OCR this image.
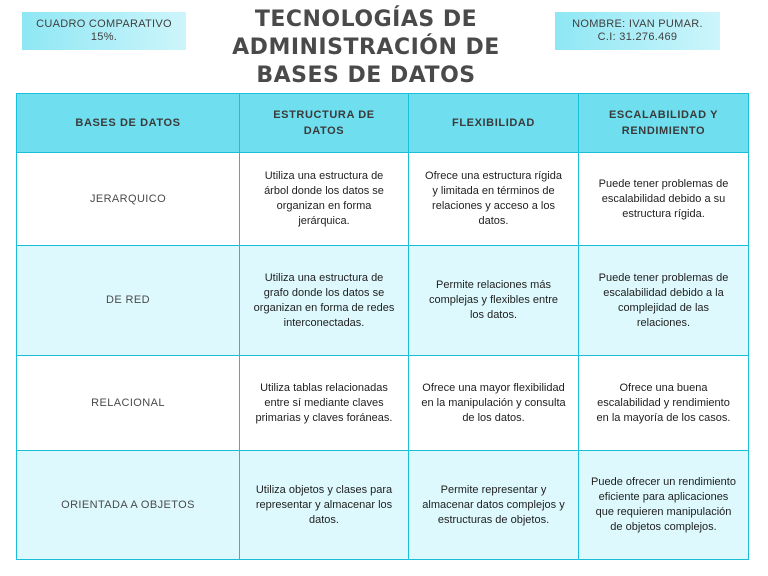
CUADRO COMPARATIVO
15%.
TECNOLOGÍAS DE
ADMINISTRACIÓN DE
BASES DE DATOS
NOMBRE: IVAN PUMAR.
C.I: 31.276.469
BASES DE DATOS	ESTRUCTURA DE DATOS	FLEXIBILIDAD	ESCALABILIDAD Y RENDIMIENTO
JERARQUICO	Utiliza una estructura de árbol donde los datos se organizan en forma jerárquica.	Ofrece una estructura rígida y limitada en términos de relaciones y acceso a los datos.	Puede tener problemas de escalabilidad debido a su estructura rígida.
DE RED	Utiliza una estructura de grafo donde los datos se organizan en forma de redes interconectadas.	Permite relaciones más complejas y flexibles entre los datos.	Puede tener problemas de escalabilidad debido a la complejidad de las relaciones.
RELACIONAL	Utiliza tablas relacionadas entre sí mediante claves primarias y claves foráneas.	Ofrece una mayor flexibilidad en la manipulación y consulta de los datos.	Ofrece una buena escalabilidad y rendimiento en la mayoría de los casos.
ORIENTADA A OBJETOS	Utiliza objetos y clases para representar y almacenar los datos.	Permite representar y almacenar datos complejos y estructuras de objetos.	Puede ofrecer un rendimiento eficiente para aplicaciones que requieren manipulación de objetos complejos.
